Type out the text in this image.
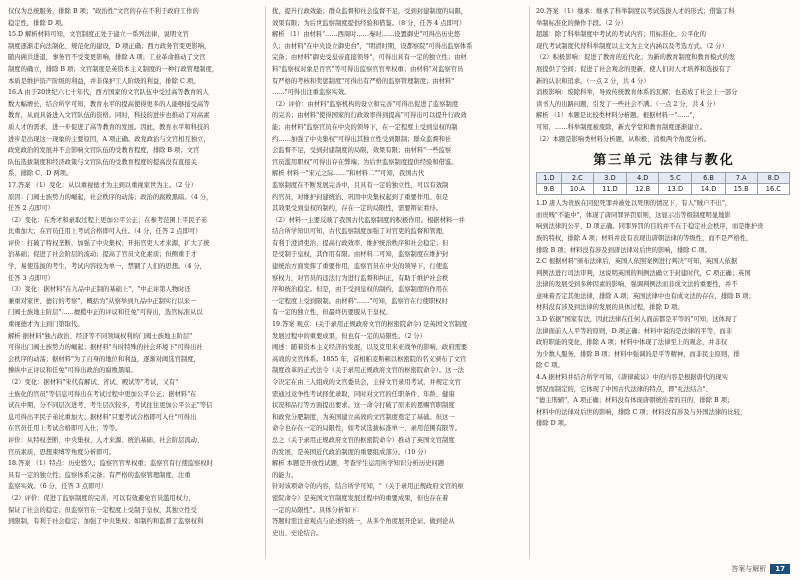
仅仅为总统服务，排除 B 项；"政治性"文官的存在不利于政府工作的

稳定性，排除 D 项。

15.D 解析材料可知，文官制度正处于建立一系列法律，说明文官

制度逐渐走向法制化、规范化的建设，D 项正确；西方政务官变更影响，

随内阁共进退，事务官不受变更影响，排除 A 项；工业革命推动了文官

制度的确立，排除 B 项；文官制度是英资本主义制度的一种行政管理制度，

本质是维护资产阶级的利益，并非保护工人阶级的利益，排除 C 项。

16.A 由于20世纪六七十年代，西方国家的文官队伍中受过高等教育的人

数大幅增长，结合所学可知，教育水平的提高使得更多的人能够接受高等

教育，从而具备进入文官队伍的资格。同时，科技的进步也推动了对高素

质人才的需求，进一步促进了高等教育的发展。因此，教育水平和科技的

进步是出现这一现象的主要原因，A 项正确。政党政治与文官相互独立，

政党政治的发展并不会影响文官队伍的受教育程度，排除 B 项；文官

队伍选拔制度和经济政策与文官队伍的受教育程度的提高没有直接关

系，排除 C、D 两项。

17.答案 （1）变化：从以重视德才为主到以重视家世为主。（2 分）

原因：门阀士族势力的崛起，社会秩序的动荡；政治的腐败黑暗。（4 分，

任答 2 点即可）

（2）变化：在秀才和录取过程上更加公平公正；在参考范围上平民子弟

比重加大；在官员任用上考试合格即可入仕。（4 分，任答 2 点即可）

评价：打破了特权垄断，加强了中央集权；开拓官吏人才来源，扩大了统

治基础；促进了社会阶层的流动；提高了官员文化素质；但侧重于才

学，易使选拔的考生，考试内容较为单一，禁锢了人们的思想。（4 分，

任答 3 点即可）

（3）变化：据材料"在九品中正制的基础上"、"中正评第人物时还

兼重对家世、德行的考察"，概括为"从察举到九品中正制实行以来一

门阀士族地主阶层"……擅揽中正的评议和任免"可得出，选官标准从以

重视德才为主到门第取代。

解析 据材料"独占政治、经济等不同领域权利的门阀士族地主阶层"

可得出门阀士族势力的崛起；据材料"当时特殊的社会环境下"可得出社

会秩序的动荡；据材料"为了自身的地位和利益，逐渐对阀选官制度，

操纵中正评议和任免"可得出政治的腐败黑暗。

（2）变化：据材料"宋代有解试、省试、殿试等"考试，又有"

士族化的官员"等信息可得出在考试过程中更加公平公正；据材料"在

试在中期，分不同层次进考、考生层次较多，考试往往更加公平公正"等信

息可得出平民子弟比重加大；据材料"只要考试合格即可入仕"可得出

在官员任用上考试合格即可入仕；等等。

评价：从特权垄断、中央集权、人才来源、统治基础、社会阶层流动、

官员素质、思想束缚等角度分析即可。

18.答案 （1）特点：历史悠久；监察官官卑权重；监察官有行使监察权时

具有一定的独立性；监察体系完备；有严格的监察管理制度，注重

监察实效。（6 分，任答 3 点即可）

（2）评价：促进了监察制度的完善，可以有效避免官员滥用权力，

保证了社会的稳定；但监察官在一定程度上受制于皇权，其独立性受

到限制，有利于社会稳定；加强了中央集权；如制约和监督了监察权利

扰，提升行政效能；群众监督和社会监督不足，受到封建制度的局限，

效果有限；为后世监察制度提供经验和借鉴。（8 分，任答 4 点即可）

解析 （1）由材料"……西周时……秦时……设置御史"可得出历史悠

久；由材料"在中央设立御史台"，"明清时期，设都察院"可得出监察体系

完备；由材料"御史受皇帝直接领导"，可得出具有一定的独立性；由材

料"监察权对象是百官"等可得出监察官官卑权重；由材料"对监察官员

有严格的考核和奖惩制度"可得出有严格的监察管理制度；由材料"

……"可得出注重监察实效。

（2）评价：由材料"监察机构的设立和完善"可得出促进了监察制度

的完善；由材料"使得国家的行政效率得到提高"可得出可以提升行政效

能；由材料"监察官员在中央的领导下，在一定程度上受到皇权的制

约……加强了中央集权"可得出其独立性受到限制；群众监督和社

会监督不足，受到封建制度的局限，效果有限；由材料"一些监察

官员滥用职权"可得出存在弊端；为后世监察制度提供经验和借鉴。

解析 材料一"宋元之际……"和材料二""可知，我国古代

监察制度在不断发展完善中，且具有一定的独立性，可以有效制

约官员，对维护封建统治、巩固中央集权起到了重要作用。但是

其效果受到皇权的制约，存在一定的局限性，需要辩证看待。

（2）材料一主要反映了我国古代监察制度的积极作用。根据材料一并

结合所学知识可知，古代监察制度加强了对官吏的监督和管理，

有利于澄清吏治、提高行政效率、维护统治秩序和社会稳定；但

是受制于皇权，其作用有限。由材料二可知，监察制度在维护封

建统治方面发挥了重要作用，监察官员在中央的领导下，行使监

察权力，对官员的违法行为进行监督和纠正，有助于维护社会秩

序和统治稳定。但是，由于受到皇权的制约，监察制度的作用在

一定程度上受到限制。由材料"……"可知，监察官在行使职权时

有一定的独立性，但最终仍要服从于皇权。

19.答案 观点：(关于录用正规政府文官的枢密院命令) 是英国文官制度

发展过程中的重要成果，但也有一定的局限性。（2 分）

阐述：随着资本主义经济的发展，以及克里米亚战争的影响，政府需要

高效的文官体系。1855 年，首相帕麦斯顿以枢密院的名义颁布了文官

制度改革的正式法令（关于录用正规政府文官的枢密院命令）。这一法

令决定在由三人组成的文官委员会，主持文官录用考试，并规定文官

需通过竞争性考试择优录取，同时对文官的任职条件、年龄、健康

状况和品行等方面提出要求。这一命令打破了原来的恩赐官职制度

和政党分肥制度，为英国建立高效的文官制度奠定了基础。但这一

命令也存在一定的局限性，如考试选拔标准单一、录用范围有限等。

总之（关于录用正规政府文官的枢密院命令）推动了英国文官制度

的发展，是英国近代政治制度的重要组成部分。（10 分）

解析 本题是开放性试题，考查学生运用所学知识分析历史问题

的能力。

针对该项命令的内容，结合所学可知，"（关于录用正规政府文官的枢

密院命令）是英国文官制度发展过程中的重要成果，但也存在着

一定的局限性"。具体分析如下：

答题时需注意观点与论述的统一，从多个角度展开论证，做到论从

史出、史论结合。

20.答案 （1）继承：继承了科举制度以考试选拔人才的形式；借鉴了科

举制标准化的操作手段。（2 分）

超越：除了科举制度中考试的考试内容；用标准化、公平化的

现代考试制度代替科举制度以主文为主文内涵以及考选方式。（2 分）

（2）积极影响：促进了教育的近代化；为新的教育制度和教育模式的发

展提供了空间；促进了社会观念的更新，使人们对人才培养和选拔有了

新的认识和追求。（一点 2 分，共 4 分）

消极影响：废除科举，导致传统教育体系的瓦解；也造成了社会上一部分

读书人的出路问题，引发了一些社会不满。（一点 2 分，共 4 分）

解析 （1）本题是比较类材料分析题。根据材料一"……"，

可知，……科举制度被废除，新式学堂和教育制度逐渐建立。

（2）本题是影响类材料分析题，从积极、消极两个角度分析。

第三单元 法律与教化
1.D	2.C	3.D	4.D	5.C	6.B	7.A	8.D
9.B	10.A	11.D	12.B	13.D	14.D	15.B	16.C

1.D 唐人为贵族在同犯死罪并被处以死刑的情况下，有人"賊户不出"，

而贵贱"不能中"，体现了唐同罪异罚原则，这显示出等级制度明显地影

响到法律的公平，D 项正确。同罪异罚的目的并不在于稳定社会秩序，而是维护贵

族的特权，排除 A 项；材料并没有表现出唐朝法律的等级性，而不是严格性，

排除 B 项；材料没有涉及到唐法律对后世的影响，排除 C 项。

2.C 根据材料"颁布法律后，英国人依照案例进行判决"可知，英国人依据

判例法进行司法审判，这说明英国的判例法确立于封建时代，C 项正确；英国

法律的发展受到多种因素的影响，强调判例法而非成文法的重要性，并不

意味着否定其他法律，排除 A 项；英国法律中也有成文法的存在，排除 B 项；

材料没有涉及到法律的发展的具体过程，排除 D 项。

3.D 依据"国家有法，因此法律在任何人面前都是平等的"可知，这体现了

法律面前人人平等的原则，D 项正确；材料中说的是法律的平等，而非

政府职能的变化，排除 A 项；材料中体现了法律至上的观念，并非仅

为少数人服务，排除 B 项；材料中强调的是平等精神，而非民主原则，排

除 C 项。

4.A 据材料并结合所学可知，《唐律疏议》中的内容是根据唐代的现实

情况而制定的，它体现了中国古代法律的特点，即"礼法结合"、

"德主刑辅"，A 项正确；材料没有体现唐朝统治者的目的，排除 B 项；

材料中的法律对后世的影响，排除 C 项；材料没有涉及与外国法律的比较，

排除 D 项。

答案与解析	17
